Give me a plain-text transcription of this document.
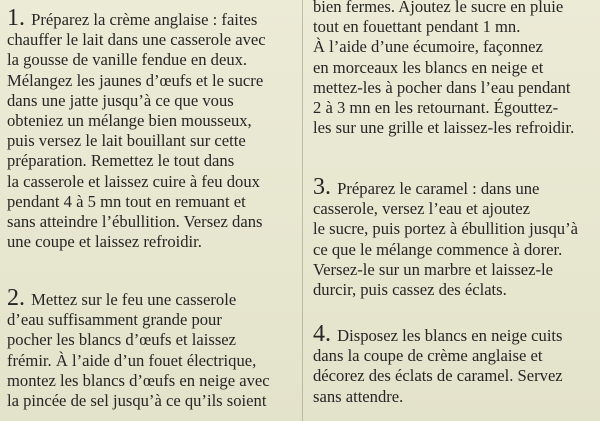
1. Préparez la crème anglaise : faites
chauffer le lait dans une casserole avec
la gousse de vanille fendue en deux.
Mélangez les jaunes d’œufs et le sucre
dans une jatte jusqu’à ce que vous
obteniez un mélange bien mousseux,
puis versez le lait bouillant sur cette
préparation. Remettez le tout dans
la casserole et laissez cuire à feu doux
pendant 4 à 5 mn tout en remuant et
sans atteindre l’ébullition. Versez dans
une coupe et laissez refroidir.
2. Mettez sur le feu une casserole
d’eau suffisamment grande pour
pocher les blancs d’œufs et laissez
frémir. À l’aide d’un fouet électrique,
montez les blancs d’œufs en neige avec
la pincée de sel jusqu’à ce qu’ils soient
bien fermes. Ajoutez le sucre en pluie
tout en fouettant pendant 1 mn.
À l’aide d’une écumoire, façonnez
en morceaux les blancs en neige et
mettez-les à pocher dans l’eau pendant
2 à 3 mn en les retournant. Égouttez-
les sur une grille et laissez-les refroidir.
3. Préparez le caramel : dans une
casserole, versez l’eau et ajoutez
le sucre, puis portez à ébullition jusqu’à
ce que le mélange commence à dorer.
Versez-le sur un marbre et laissez-le
durcir, puis cassez des éclats.
4. Disposez les blancs en neige cuits
dans la coupe de crème anglaise et
décorez des éclats de caramel. Servez
sans attendre.
